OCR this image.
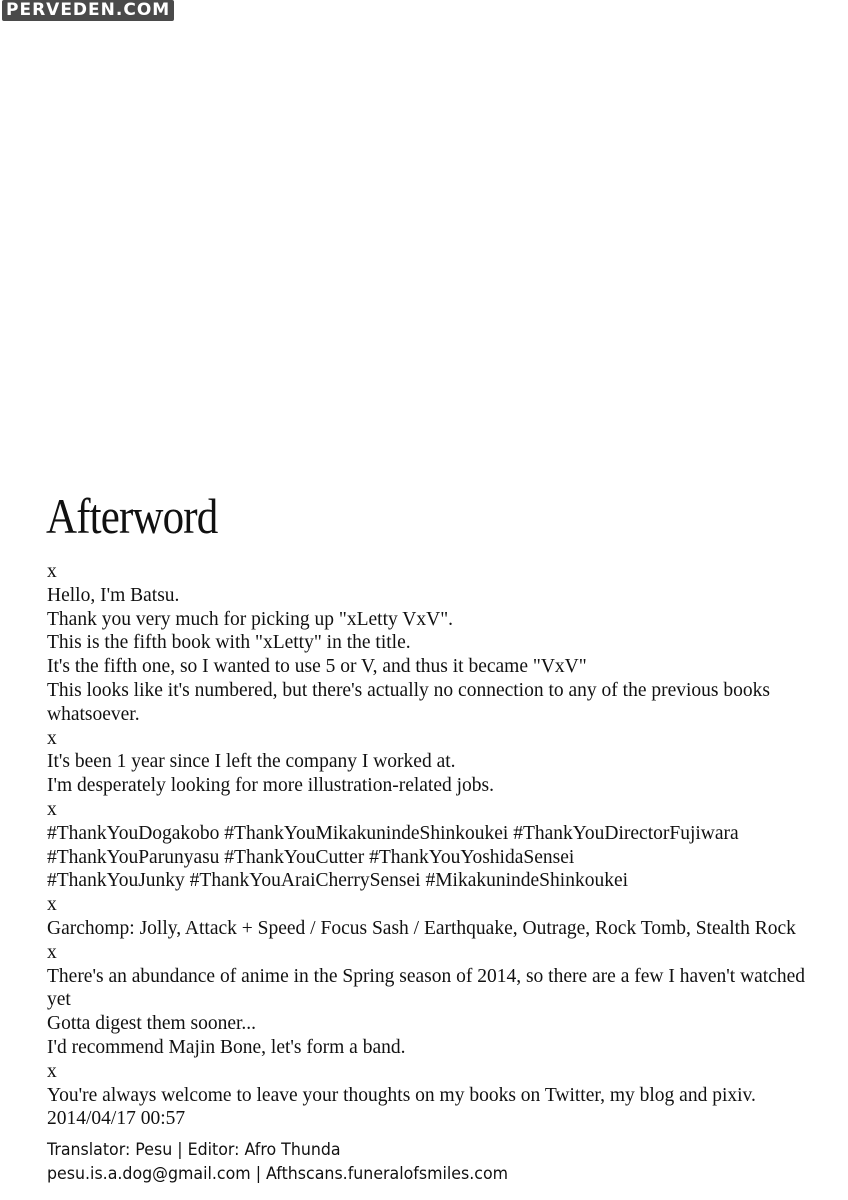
PERVEDEN.COM
Afterword
x
Hello, I'm Batsu.
Thank you very much for picking up "xLetty VxV".
This is the fifth book with "xLetty" in the title.
It's the fifth one, so I wanted to use 5 or V, and thus it became "VxV"
This looks like it's numbered, but there's actually no connection to any of the previous books whatsoever.
x
It's been 1 year since I left the company I worked at.
I'm desperately looking for more illustration-related jobs.
x
#ThankYouDogakobo #ThankYouMikakunindeShinkoukei #ThankYouDirectorFujiwara
#ThankYouParunyasu #ThankYouCutter #ThankYouYoshidaSensei
#ThankYouJunky #ThankYouAraiCherrySensei #MikakunindeShinkoukei
x
Garchomp: Jolly, Attack + Speed / Focus Sash / Earthquake, Outrage, Rock Tomb, Stealth Rock
x
There's an abundance of anime in the Spring season of 2014, so there are a few I haven't watched yet
Gotta digest them sooner...
I'd recommend Majin Bone, let's form a band.
x
You're always welcome to leave your thoughts on my books on Twitter, my blog and pixiv.
2014/04/17 00:57
Translator: Pesu | Editor: Afro Thunda
pesu.is.a.dog@gmail.com | Afthscans.funeralofsmiles.com
